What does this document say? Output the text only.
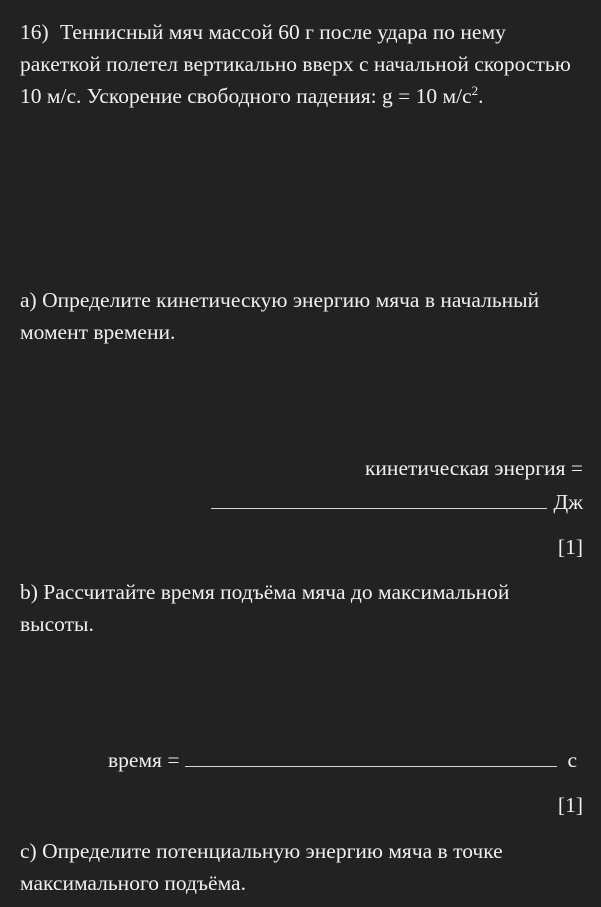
16) Теннисный мяч массой 60 г после удара по нему ракеткой полетел вертикально вверх с начальной скоростью 10 м/с. Ускорение свободного падения: g = 10 $м/с^2$.
а) Определите кинетическую энергию мяча в начальный момент времени.
кинетическая энергия =
Дж
[1]
b) Рассчитайте время подъёма мяча до максимальной высоты.
время =	с
[1]
c) Определите потенциальную энергию мяча в точке максимального подъёма.
